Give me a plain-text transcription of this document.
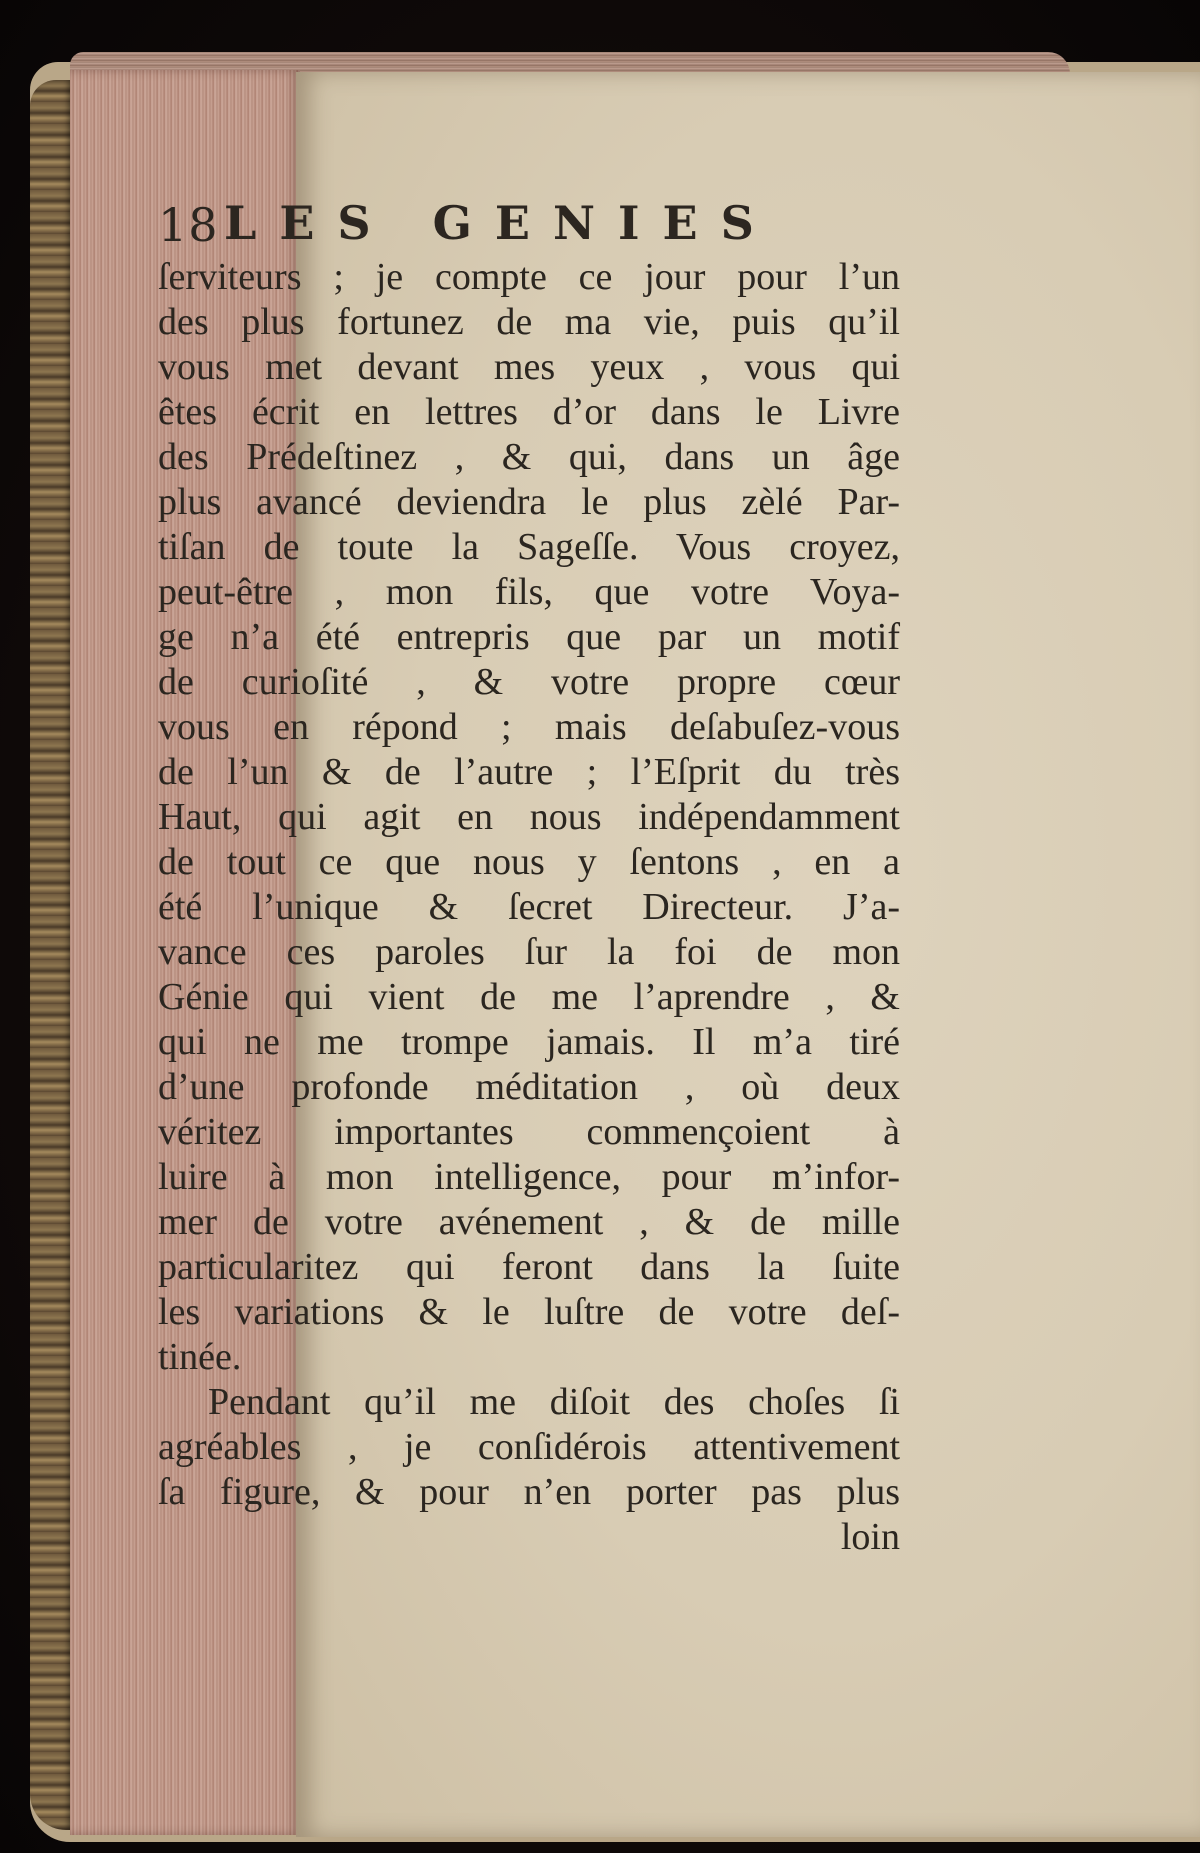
18 LES GENIES
ſerviteurs ; je compte ce jour pour l’un
des plus fortunez de ma vie, puis qu’il
vous met devant mes yeux , vous qui
êtes écrit en lettres d’or dans le Livre
des Prédeſtinez , & qui, dans un âge
plus avancé deviendra le plus zèlé Par-
tiſan de toute la Sageſſe. Vous croyez,
peut-être , mon fils, que votre Voya-
ge n’a été entrepris que par un motif
de curioſité , & votre propre cœur
vous en répond ; mais deſabuſez-vous
de l’un & de l’autre ; l’Eſprit du très
Haut, qui agit en nous indépendamment
de tout ce que nous y ſentons , en a
été l’unique & ſecret Directeur. J’a-
vance ces paroles ſur la foi de mon
Génie qui vient de me l’aprendre , &
qui ne me trompe jamais. Il m’a tiré
d’une profonde méditation , où deux
véritez importantes commençoient à
luire à mon intelligence, pour m’infor-
mer de votre avénement , & de mille
particularitez qui feront dans la ſuite
les variations & le luſtre de votre deſ-
tinée.
Pendant qu’il me diſoit des choſes ſi
agréables , je conſidérois attentivement
ſa figure, & pour n’en porter pas plus
loin
